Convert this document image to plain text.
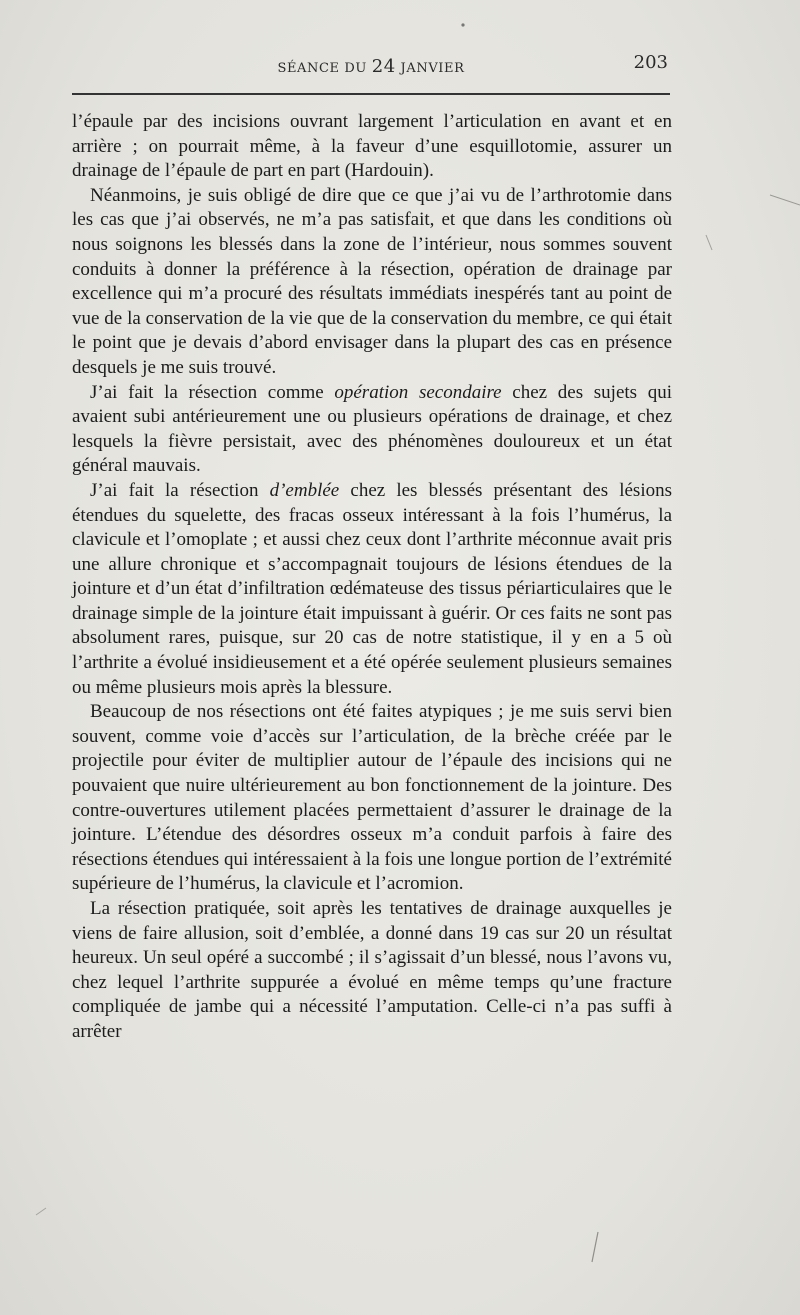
SÉANCE DU 24 JANVIER	203

l’épaule par des incisions ouvrant largement l’articulation en avant et en arrière ; on pourrait même, à la faveur d’une esquillotomie, assurer un drainage de l’épaule de part en part (Hardouin).

Néanmoins, je suis obligé de dire que ce que j’ai vu de l’arthrotomie dans les cas que j’ai observés, ne m’a pas satisfait, et que dans les conditions où nous soignons les blessés dans la zone de l’intérieur, nous sommes souvent conduits à donner la préférence à la résection, opération de drainage par excellence qui m’a procuré des résultats immédiats inespérés tant au point de vue de la conservation de la vie que de la conservation du membre, ce qui était le point que je devais d’abord envisager dans la plupart des cas en présence desquels je me suis trouvé.

J’ai fait la résection comme opération secondaire chez des sujets qui avaient subi antérieurement une ou plusieurs opérations de drainage, et chez lesquels la fièvre persistait, avec des phénomènes douloureux et un état général mauvais.

J’ai fait la résection d’emblée chez les blessés présentant des lésions étendues du squelette, des fracas osseux intéressant à la fois l’humérus, la clavicule et l’omoplate ; et aussi chez ceux dont l’arthrite méconnue avait pris une allure chronique et s’accompagnait toujours de lésions étendues de la jointure et d’un état d’infiltration œdémateuse des tissus périarticulaires que le drainage simple de la jointure était impuissant à guérir. Or ces faits ne sont pas absolument rares, puisque, sur 20 cas de notre statistique, il y en a 5 où l’arthrite a évolué insidieusement et a été opérée seulement plusieurs semaines ou même plusieurs mois après la blessure.

Beaucoup de nos résections ont été faites atypiques ; je me suis servi bien souvent, comme voie d’accès sur l’articulation, de la brèche créée par le projectile pour éviter de multiplier autour de l’épaule des incisions qui ne pouvaient que nuire ultérieurement au bon fonctionnement de la jointure. Des contre-ouvertures utilement placées permettaient d’assurer le drainage de la jointure. L’étendue des désordres osseux m’a conduit parfois à faire des résections étendues qui intéressaient à la fois une longue portion de l’extrémité supérieure de l’humérus, la clavicule et l’acromion.

La résection pratiquée, soit après les tentatives de drainage auxquelles je viens de faire allusion, soit d’emblée, a donné dans 19 cas sur 20 un résultat heureux. Un seul opéré a succombé ; il s’agissait d’un blessé, nous l’avons vu, chez lequel l’arthrite suppurée a évolué en même temps qu’une fracture compliquée de jambe qui a nécessité l’amputation. Celle-ci n’a pas suffi à arrêter
